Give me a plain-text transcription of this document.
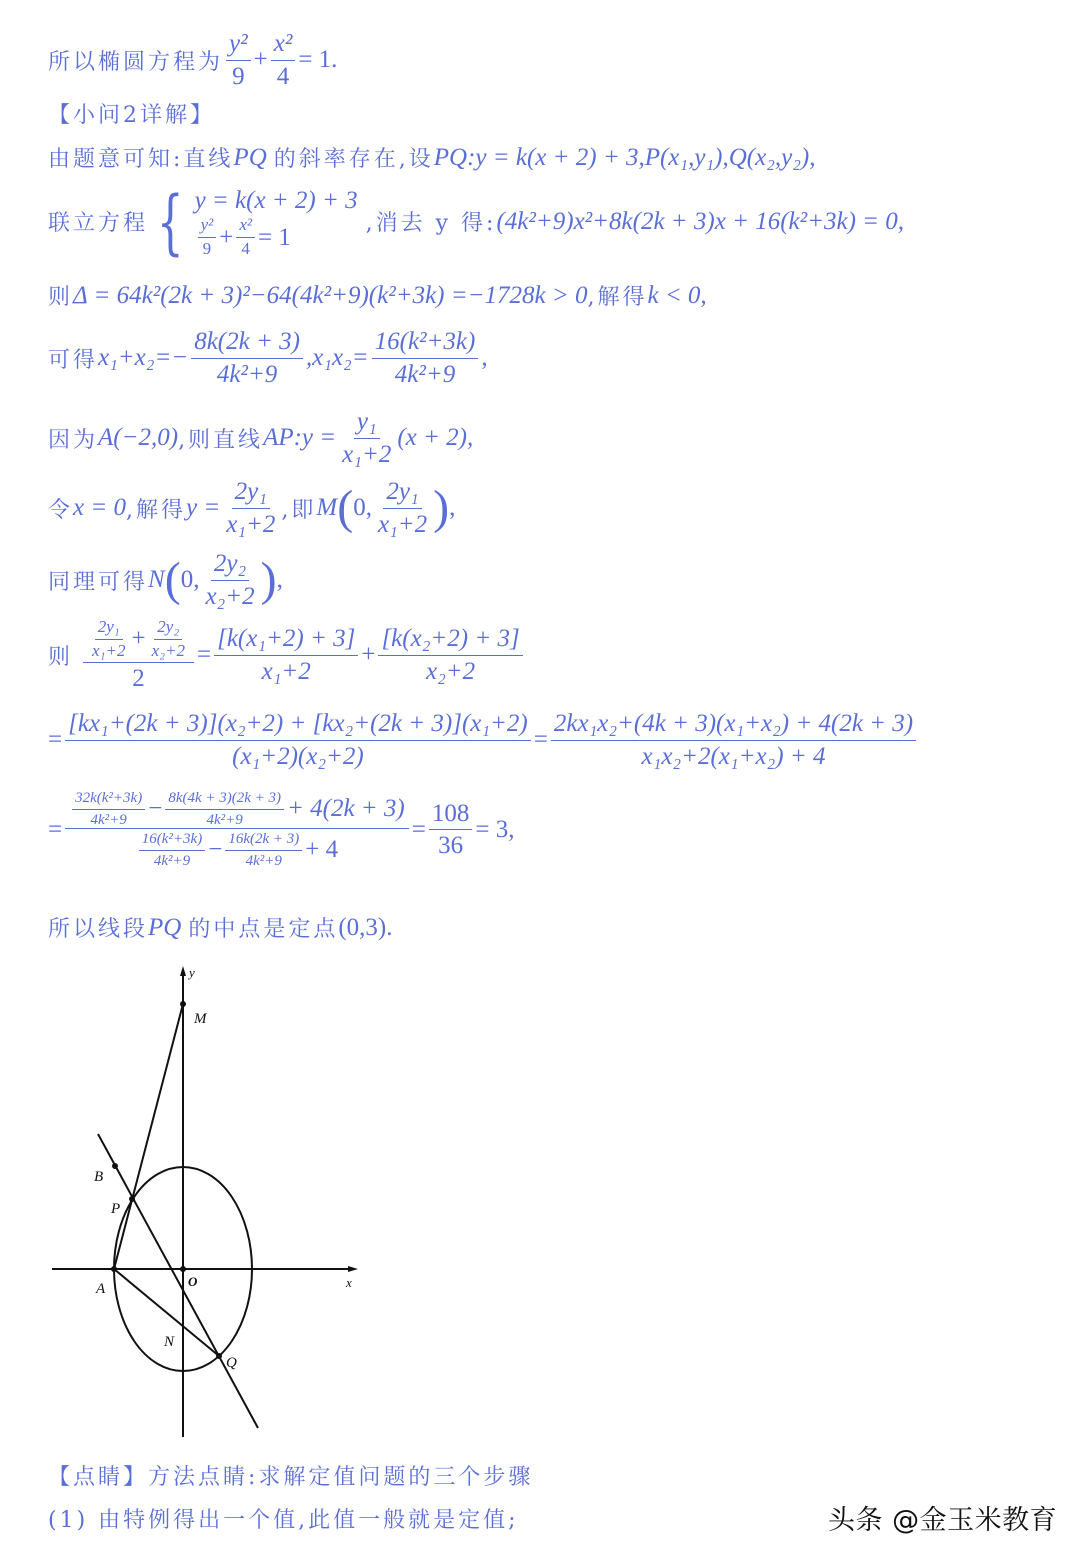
所以椭圆方程为 $\frac{\text{y²}}{9} + \frac{\text{x²}}{4} = 1$.
【小问2详解】
由题意可知:直线 PQ
的斜率存在,设 PQ:y = k(x + 2) + 3,P(x₁,y₁),Q(x₂,y₂),
联立方程 { y = k(x + 2) + 3
$\frac{\text{y²}}{9} + \frac{\text{x²}}{4} = 1$	,消去 y 得: (4k²+9)x²+8k(2k + 3)x + 16(k²+3k) = 0,
则 Δ = 64k²(2k + 3)²−64(4k²+9)(k²+3k) =−1728k > 0 ,解得 k < 0,
可得 $x_1+x_2=- \frac{8k(2k + 3)}{\text{4k²+9}} ,x_1x_2= \frac{\text{16(k²+3k)}}{\text{4k²+9}}$ ,
因为 A(−2,0) ,则直线 AP:y = $\frac{\text{y₁}}{\text{x₁+2}} (x + 2)$,
令 x = 0 ,解得 $y = \frac{\text{2y₁}}{\text{x₁+2}}$ ,即 M ( 0, $\frac{\text{2y₁}}{\text{x₁+2}}$ ) ,
同理可得 N ( 0, $\frac{\text{2y₂}}{\text{x₂+2}}$ ) ,
则 $\frac{\frac{\text{2y₁}}{\text{x₁+2}} + \frac{\text{2y₂}}{\text{x₂+2}}}{2} = \frac{\text{[k(x₁+2) + 3]}}{\text{x₁+2}} + \frac{\text{[k(x₂+2) + 3]}}{\text{x₂+2}}$
= $\frac{\text{[kx₁+(2k + 3)](x₂+2) + [kx₂+(2k + 3)](x₁+2)}}{\text{(x₁+2)(x₂+2)}} = \frac{\text{2kx₁x₂+(4k + 3)(x₁+x₂) + 4(2k + 3)}}{\text{x₁x₂+2(x₁+x₂) + 4}}$
=
$\frac{\text{32k(k²+3k)}}{\text{4k²+9}} - \frac{8k(4k + 3)(2k + 3)}{\text{4k²+9}} + 4(2k + 3)$
$\frac{\text{16(k²+3k)}}{\text{4k²+9}} - \frac{16k(2k + 3)}{\text{4k²+9}} + 4$
= $\frac{108}{36} = 3$,
所以线段 PQ
的中点是定点 (0,3).
y
x
M
B
P
A	O
N
Q
【点睛】 方法点睛:求解定值问题的三个步骤
(1) 由特例得出一个值,此值一般就是定值;	头条 @金玉米教育
